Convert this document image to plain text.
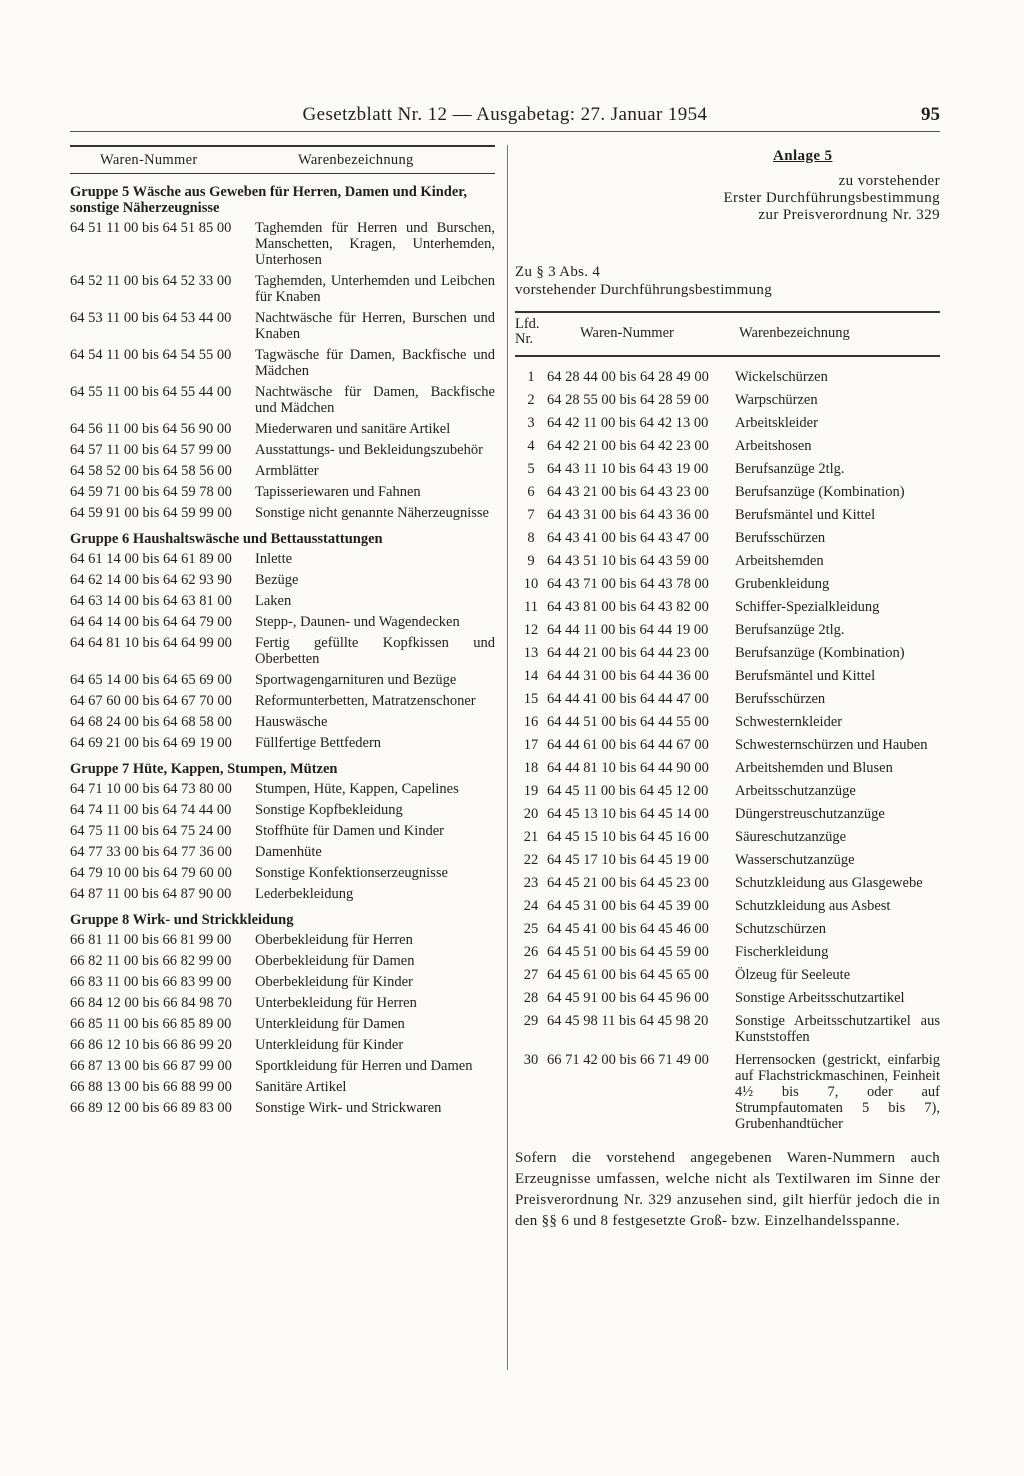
Gesetzblatt Nr. 12 — Ausgabetag: 27. Januar 1954	95
Waren-Nummer	Warenbezeichnung
Gruppe 5 Wäsche aus Geweben für Herren, Damen und Kinder, sonstige Näherzeugnisse
64 51 11 00 bis 64 51 85 00	Taghemden für Herren und Burschen, Manschetten, Kragen, Unterhemden, Unterhosen
64 52 11 00 bis 64 52 33 00	Taghemden, Unterhemden und Leibchen für Knaben
64 53 11 00 bis 64 53 44 00	Nachtwäsche für Herren, Burschen und Knaben
64 54 11 00 bis 64 54 55 00	Tagwäsche für Damen, Backfische und Mädchen
64 55 11 00 bis 64 55 44 00	Nachtwäsche für Damen, Backfische und Mädchen
64 56 11 00 bis 64 56 90 00	Miederwaren und sanitäre Artikel
64 57 11 00 bis 64 57 99 00	Ausstattungs- und Bekleidungszubehör
64 58 52 00 bis 64 58 56 00	Armblätter
64 59 71 00 bis 64 59 78 00	Tapisseriewaren und Fahnen
64 59 91 00 bis 64 59 99 00	Sonstige nicht genannte Näherzeugnisse
Gruppe 6 Haushaltswäsche und Bettausstattungen
64 61 14 00 bis 64 61 89 00	Inlette
64 62 14 00 bis 64 62 93 90	Bezüge
64 63 14 00 bis 64 63 81 00	Laken
64 64 14 00 bis 64 64 79 00	Stepp-, Daunen- und Wagendecken
64 64 81 10 bis 64 64 99 00	Fertig gefüllte Kopfkissen und Oberbetten
64 65 14 00 bis 64 65 69 00	Sportwagengarnituren und Bezüge
64 67 60 00 bis 64 67 70 00	Reformunterbetten, Matratzenschoner
64 68 24 00 bis 64 68 58 00	Hauswäsche
64 69 21 00 bis 64 69 19 00	Füllfertige Bettfedern
Gruppe 7 Hüte, Kappen, Stumpen, Mützen
64 71 10 00 bis 64 73 80 00	Stumpen, Hüte, Kappen, Capelines
64 74 11 00 bis 64 74 44 00	Sonstige Kopfbekleidung
64 75 11 00 bis 64 75 24 00	Stoffhüte für Damen und Kinder
64 77 33 00 bis 64 77 36 00	Damenhüte
64 79 10 00 bis 64 79 60 00	Sonstige Konfektionserzeugnisse
64 87 11 00 bis 64 87 90 00	Lederbekleidung
Gruppe 8 Wirk- und Strickkleidung
66 81 11 00 bis 66 81 99 00	Oberbekleidung für Herren
66 82 11 00 bis 66 82 99 00	Oberbekleidung für Damen
66 83 11 00 bis 66 83 99 00	Oberbekleidung für Kinder
66 84 12 00 bis 66 84 98 70	Unterbekleidung für Herren
66 85 11 00 bis 66 85 89 00	Unterkleidung für Damen
66 86 12 10 bis 66 86 99 20	Unterkleidung für Kinder
66 87 13 00 bis 66 87 99 00	Sportkleidung für Herren und Damen
66 88 13 00 bis 66 88 99 00	Sanitäre Artikel
66 89 12 00 bis 66 89 83 00	Sonstige Wirk- und Strickwaren
Anlage 5
zu vorstehender
Erster Durchführungsbestimmung
zur Preisverordnung Nr. 329
Zu § 3 Abs. 4
vorstehender Durchführungsbestimmung
Lfd.
Nr.	Waren-Nummer	Warenbezeichnung
1 64 28 44 00 bis 64 28 49 00	Wickelschürzen
2 64 28 55 00 bis 64 28 59 00	Warpschürzen
3 64 42 11 00 bis 64 42 13 00	Arbeitskleider
4 64 42 21 00 bis 64 42 23 00	Arbeitshosen
5 64 43 11 10 bis 64 43 19 00	Berufsanzüge 2tlg.
6 64 43 21 00 bis 64 43 23 00	Berufsanzüge (Kombination)
7 64 43 31 00 bis 64 43 36 00	Berufsmäntel und Kittel
8 64 43 41 00 bis 64 43 47 00	Berufsschürzen
9 64 43 51 10 bis 64 43 59 00	Arbeitshemden
10 64 43 71 00 bis 64 43 78 00	Grubenkleidung
11 64 43 81 00 bis 64 43 82 00	Schiffer-Spezialkleidung
12 64 44 11 00 bis 64 44 19 00	Berufsanzüge 2tlg.
13 64 44 21 00 bis 64 44 23 00	Berufsanzüge (Kombination)
14 64 44 31 00 bis 64 44 36 00	Berufsmäntel und Kittel
15 64 44 41 00 bis 64 44 47 00	Berufsschürzen
16 64 44 51 00 bis 64 44 55 00	Schwesternkleider
17 64 44 61 00 bis 64 44 67 00	Schwesternschürzen und Hauben
18 64 44 81 10 bis 64 44 90 00	Arbeitshemden und Blusen
19 64 45 11 00 bis 64 45 12 00	Arbeitsschutzanzüge
20 64 45 13 10 bis 64 45 14 00	Düngerstreuschutzanzüge
21 64 45 15 10 bis 64 45 16 00	Säureschutzanzüge
22 64 45 17 10 bis 64 45 19 00	Wasserschutzanzüge
23 64 45 21 00 bis 64 45 23 00	Schutzkleidung aus Glasgewebe
24 64 45 31 00 bis 64 45 39 00	Schutzkleidung aus Asbest
25 64 45 41 00 bis 64 45 46 00	Schutzschürzen
26 64 45 51 00 bis 64 45 59 00	Fischerkleidung
27 64 45 61 00 bis 64 45 65 00	Ölzeug für Seeleute
28 64 45 91 00 bis 64 45 96 00	Sonstige Arbeitsschutzartikel
29 64 45 98 11 bis 64 45 98 20	Sonstige Arbeitsschutzartikel aus Kunststoffen
30 66 71 42 00 bis 66 71 49 00	Herrensocken (gestrickt, einfarbig auf Flachstrickmaschinen, Feinheit 4½ bis 7, oder auf Strumpfautomaten 5 bis 7), Grubenhandtücher
Sofern die vorstehend angegebenen Waren-Nummern auch Erzeugnisse umfassen, welche nicht als Textilwaren im Sinne der Preisverordnung Nr. 329 anzusehen sind, gilt hierfür jedoch die in den §§ 6 und 8 festgesetzte Groß- bzw. Einzelhandelsspanne.
